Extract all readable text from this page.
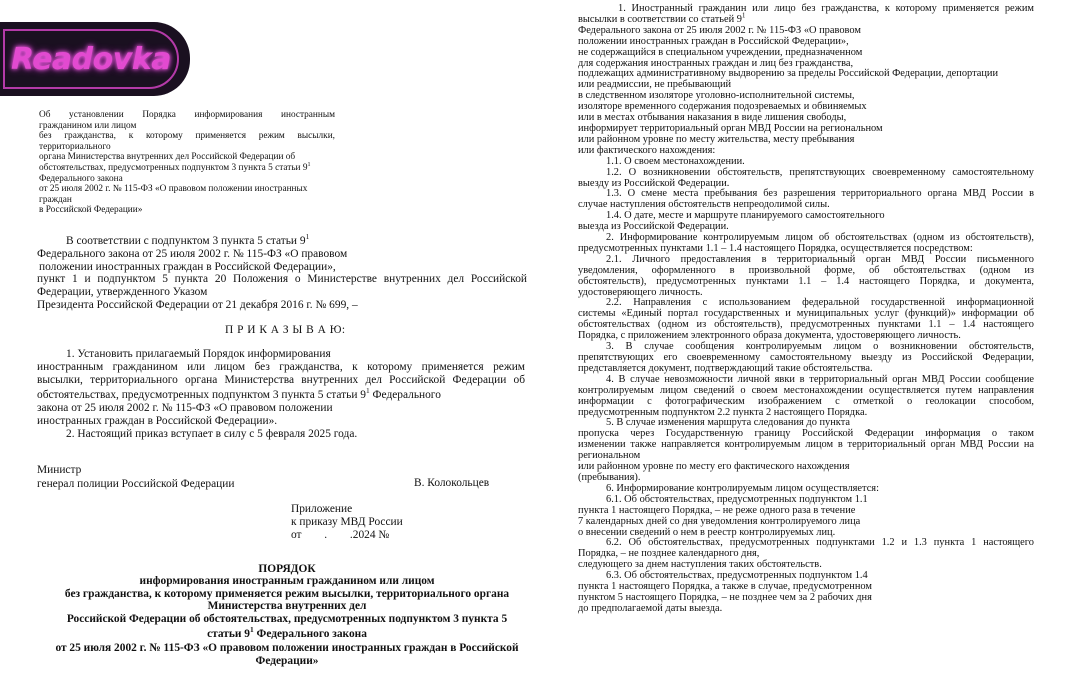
Readovka
Об установлении Порядка информирования иностранным
гражданином или лицом
без гражданства, к которому применяется режим высылки,
территориального
органа Министерства внутренних дел Российской Федерации об
обстоятельствах, предусмотренных подпунктом 3 пункта 5 статьи $9^1$
Федерального закона
от 25 июля 2002 г. № 115-ФЗ «О правовом положении иностранных
граждан
в Российской Федерации»
В соответствии с подпунктом 3 пункта 5 статьи $9^1$
Федерального закона от 25 июля 2002 г. № 115-ФЗ «О правовом
положении иностранных граждан в Российской Федерации»,
пункт 1 и подпунктом 5 пункта 20 Положения о Министерстве внутренних дел Российской
Федерации, утвержденного Указом
Президента Российской Федерации от 21 декабря 2016 г. № 699, –
П Р И К А З Ы В А Ю:
1. Установить прилагаемый Порядок информирования
иностранным гражданином или лицом без гражданства, к которому применяется режим
высылки, территориального органа Министерства внутренних дел Российской Федерации об
обстоятельствах, предусмотренных подпунктом 3 пункта 5 статьи $9^1$ Федерального
закона от 25 июля 2002 г. № 115-ФЗ «О правовом положении
иностранных граждан в Российской Федерации».
2. Настоящий приказ вступает в силу с 5 февраля 2025 года.
Министр
генерал полиции Российской Федерации	В. Колокольцев
Приложение
к приказу МВД России
от        .        .2024 №
ПОРЯДОК
информирования иностранным гражданином или лицом
без гражданства, к которому применяется режим высылки, территориального органа
Министерства внутренних дел
Российской Федерации об обстоятельствах, предусмотренных подпунктом 3 пункта 5
статьи $9^1$ Федерального закона
от 25 июля 2002 г. № 115-ФЗ «О правовом положении иностранных граждан в Российской
Федерации»
1. Иностранный гражданин или лицо без гражданства, к которому применяется режим
высылки в соответствии со статьей $9^1$
Федерального закона от 25 июля 2002 г. № 115-ФЗ «О правовом
положении иностранных граждан в Российской Федерации»,
не содержащийся в специальном учреждении, предназначенном
для содержания иностранных граждан и лиц без гражданства,
подлежащих административному выдворению за пределы Российской Федерации, депортации
или реадмиссии, не пребывающий
в следственном изоляторе уголовно-исполнительной системы,
изоляторе временного содержания подозреваемых и обвиняемых
или в местах отбывания наказания в виде лишения свободы,
информирует территориальный орган МВД России на региональном
или районном уровне по месту жительства, месту пребывания
или фактического нахождения:
1.1. О своем местонахождении.
1.2. О возникновении обстоятельств, препятствующих своевременному самостоятельному
выезду из Российской Федерации.
1.3. О смене места пребывания без разрешения территориального органа МВД России в
случае наступления обстоятельств непреодолимой силы.
1.4. О дате, месте и маршруте планируемого самостоятельного
выезда из Российской Федерации.
2. Информирование контролируемым лицом об обстоятельствах (одном из обстоятельств),
предусмотренных пунктами 1.1 – 1.4 настоящего Порядка, осуществляется посредством:
2.1. Личного предоставления в территориальный орган МВД России письменного
уведомления, оформленного в произвольной форме, об обстоятельствах (одном из
обстоятельств), предусмотренных пунктами 1.1 – 1.4 настоящего Порядка, и документа,
удостоверяющего личность.
2.2. Направления с использованием федеральной государственной информационной
системы «Единый портал государственных и муниципальных услуг (функций)» информации об
обстоятельствах (одном из обстоятельств), предусмотренных пунктами 1.1 – 1.4 настоящего
Порядка, с приложением электронного образа документа, удостоверяющего личность.
3. В случае сообщения контролируемым лицом о возникновении обстоятельств,
препятствующих его своевременному самостоятельному выезду из Российской Федерации,
представляется документ, подтверждающий такие обстоятельства.
4. В случае невозможности личной явки в территориальный орган МВД России сообщение
контролируемым лицом сведений о своем местонахождении осуществляется путем направления
информации с фотографическим изображением с отметкой о геолокации способом,
предусмотренным подпунктом 2.2 пункта 2 настоящего Порядка.
5. В случае изменения маршрута следования до пункта
пропуска через Государственную границу Российской Федерации информация о таком
изменении также направляется контролируемым лицом в территориальный орган МВД России на
региональном
или районном уровне по месту его фактического нахождения
(пребывания).
6. Информирование контролируемым лицом осуществляется:
6.1. Об обстоятельствах, предусмотренных подпунктом 1.1
пункта 1 настоящего Порядка, – не реже одного раза в течение
7 календарных дней со дня уведомления контролируемого лица
о внесении сведений о нем в реестр контролируемых лиц.
6.2. Об обстоятельствах, предусмотренных подпунктами 1.2 и 1.3 пункта 1 настоящего
Порядка, – не позднее календарного дня,
следующего за днем наступления таких обстоятельств.
6.3. Об обстоятельствах, предусмотренных подпунктом 1.4
пункта 1 настоящего Порядка, а также в случае, предусмотренном
пунктом 5 настоящего Порядка, – не позднее чем за 2 рабочих дня
до предполагаемой даты выезда.
